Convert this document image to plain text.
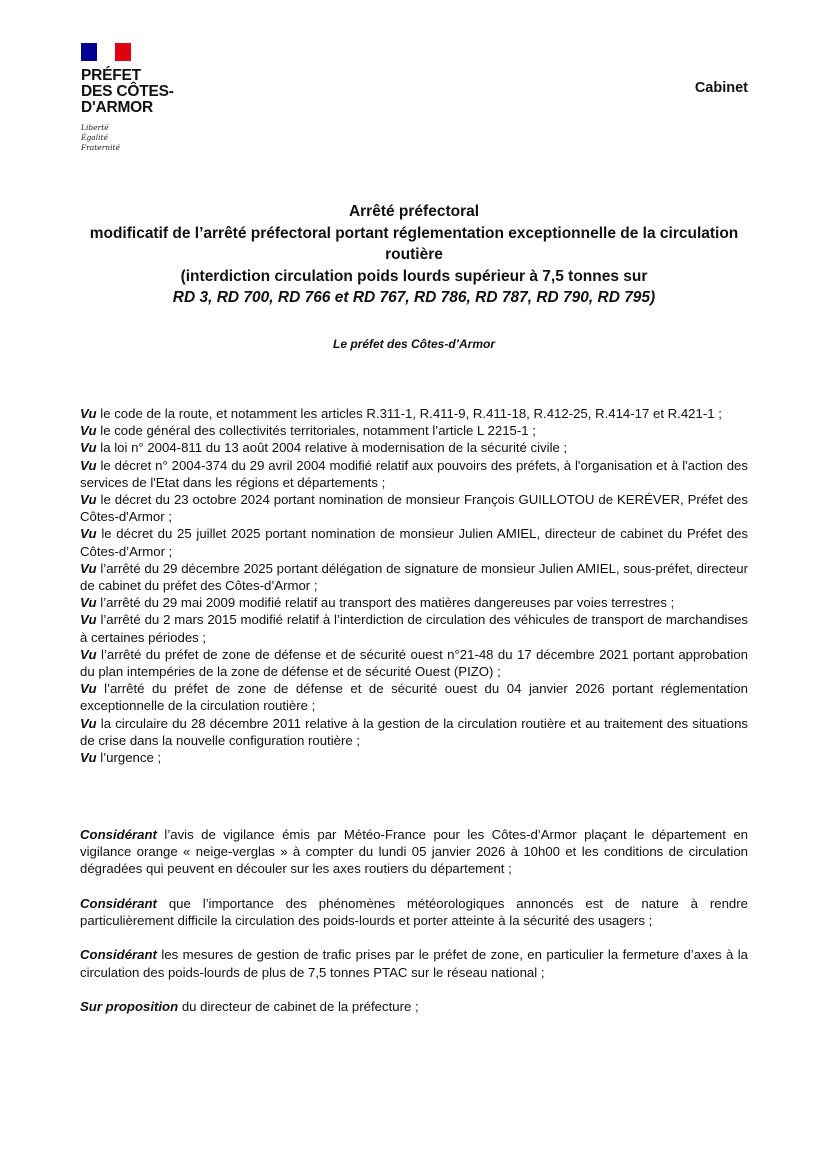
PRÉFET
DES CÔTES-
D'ARMOR
Liberté
Égalité
Fraternité
Cabinet
Arrêté préfectoral
modificatif de l’arrêté préfectoral portant réglementation exceptionnelle de la circulation routière
(interdiction circulation poids lourds supérieur à 7,5 tonnes sur
RD 3, RD 700, RD 766 et RD 767, RD 786, RD 787, RD 790, RD 795)
Le préfet des Côtes-d’Armor

Vu le code de la route, et notamment les articles R.311-1, R.411-9, R.411-18, R.412-25, R.414-17 et R.421-1 ;

Vu le code général des collectivités territoriales, notamment l’article L 2215-1 ;

Vu la loi n° 2004-811 du 13 août 2004 relative à modernisation de la sécurité civile ;

Vu le décret n° 2004-374 du 29 avril 2004 modifié relatif aux pouvoirs des préfets, à l'organisation et à l'action des services de l'Etat dans les régions et départements ;

Vu le décret du 23 octobre 2024 portant nomination de monsieur François GUILLOTOU de KERÉVER, Préfet des Côtes-d'Armor ;

Vu le décret du 25 juillet 2025 portant nomination de monsieur Julien AMIEL, directeur de cabinet du Préfet des Côtes-d’Armor ;

Vu l’arrêté du 29 décembre 2025 portant délégation de signature de monsieur Julien AMIEL, sous-préfet, directeur de cabinet du préfet des Côtes-d’Armor ;

Vu l’arrêté du 29 mai 2009 modifié relatif au transport des matières dangereuses par voies terrestres ;

Vu l’arrêté du 2 mars 2015 modifié relatif à l’interdiction de circulation des véhicules de transport de marchandises à certaines périodes ;

Vu l’arrêté du préfet de zone de défense et de sécurité ouest n°21-48 du 17 décembre 2021 portant approbation du plan intempéries de la zone de défense et de sécurité Ouest (PIZO) ;

Vu l’arrêté du préfet de zone de défense et de sécurité ouest du 04 janvier 2026 portant réglementation exceptionnelle de la circulation routière ;

Vu la circulaire du 28 décembre 2011 relative à la gestion de la circulation routière et au traitement des situations de crise dans la nouvelle configuration routière ;

Vu l’urgence ;

Considérant l’avis de vigilance émis par Météo-France pour les Côtes-d’Armor plaçant le département en vigilance orange « neige-verglas » à compter du lundi 05 janvier 2026 à 10h00 et les conditions de circulation dégradées qui peuvent en découler sur les axes routiers du département ;

Considérant que l’importance des phénomènes météorologiques annoncés est de nature à rendre particulièrement difficile la circulation des poids-lourds et porter atteinte à la sécurité des usagers ;

Considérant les mesures de gestion de trafic prises par le préfet de zone, en particulier la fermeture d’axes à la circulation des poids-lourds de plus de 7,5 tonnes PTAC sur le réseau national ;

Sur proposition du directeur de cabinet de la préfecture ;
